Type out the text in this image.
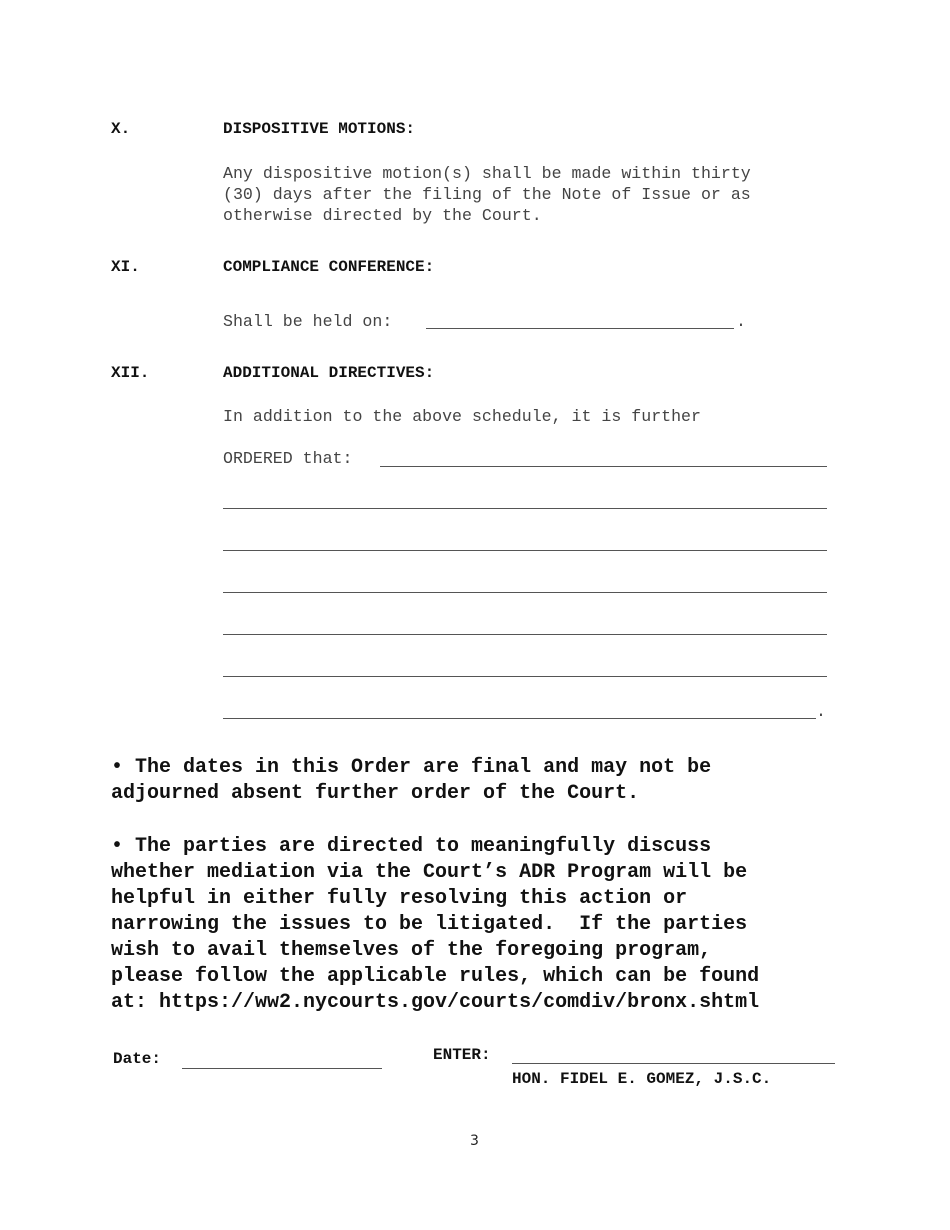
X.	DISPOSITIVE MOTIONS:
Any dispositive motion(s) shall be made within thirty
(30) days after the filing of the Note of Issue or as
otherwise directed by the Court.
XI.	COMPLIANCE CONFERENCE:
Shall be held on:	.
XII.	ADDITIONAL DIRECTIVES:
In addition to the above schedule, it is further
ORDERED that:
.
• The dates in this Order are final and may not be
adjourned absent further order of the Court.
• The parties are directed to meaningfully discuss
whether mediation via the Court’s ADR Program will be
helpful in either fully resolving this action or
narrowing the issues to be litigated.  If the parties
wish to avail themselves of the foregoing program,
please follow the applicable rules, which can be found
at: https://ww2.nycourts.gov/courts/comdiv/bronx.shtml
Date:	ENTER:
HON. FIDEL E. GOMEZ, J.S.C.
3
